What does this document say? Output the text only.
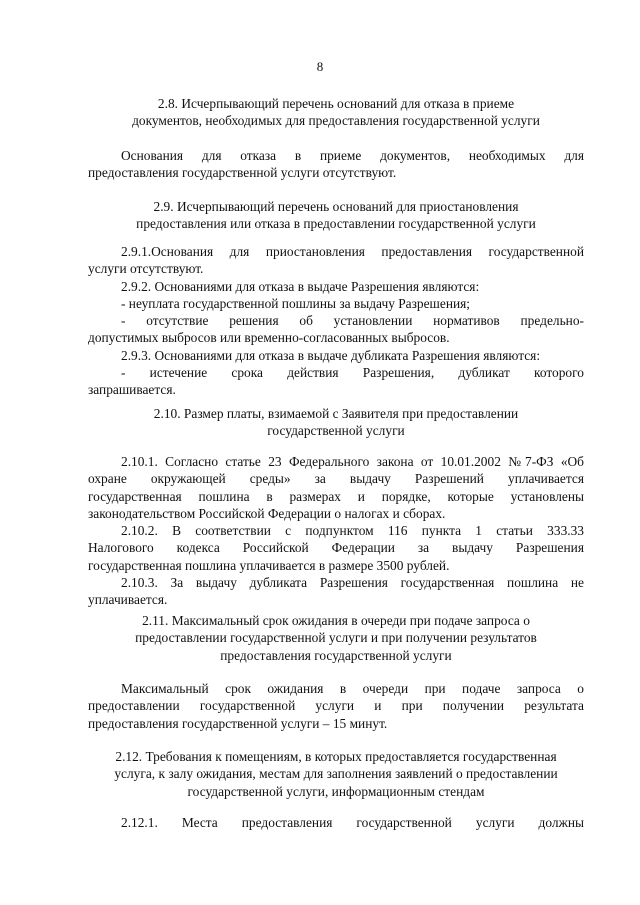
8
2.8. Исчерпывающий перечень оснований для отказа в приеме
документов, необходимых для предоставления государственной услуги
Основания для отказа в приеме документов, необходимых для
предоставления государственной услуги отсутствуют.
2.9. Исчерпывающий перечень оснований для приостановления
предоставления или отказа в предоставлении государственной услуги
2.9.1.Основания для приостановления предоставления государственной
услуги отсутствуют.
2.9.2. Основаниями для отказа в выдаче Разрешения являются:
- неуплата государственной пошлины за выдачу Разрешения;
- отсутствие решения об установлении нормативов предельно-
допустимых выбросов или временно-согласованных выбросов.
2.9.3. Основаниями для отказа в выдаче дубликата Разрешения являются:
- истечение срока действия Разрешения, дубликат которого
запрашивается.
2.10. Размер платы, взимаемой с Заявителя при предоставлении
государственной услуги
2.10.1. Согласно статье 23 Федерального закона от 10.01.2002 №7-ФЗ «Об
охране окружающей среды» за выдачу Разрешений уплачивается
государственная пошлина в размерах и порядке, которые установлены
законодательством Российской Федерации о налогах и сборах.
2.10.2. В соответствии с подпунктом 116 пункта 1 статьи 333.33
Налогового кодекса Российской Федерации за выдачу Разрешения
государственная пошлина уплачивается в размере 3500 рублей.
2.10.3. За выдачу дубликата Разрешения государственная пошлина не
уплачивается.
2.11. Максимальный срок ожидания в очереди при подаче запроса о
предоставлении государственной услуги и при получении результатов
предоставления государственной услуги
Максимальный срок ожидания в очереди при подаче запроса о
предоставлении государственной услуги и при получении результата
предоставления государственной услуги – 15 минут.
2.12. Требования к помещениям, в которых предоставляется государственная
услуга, к залу ожидания, местам для заполнения заявлений о предоставлении
государственной услуги, информационным стендам
2.12.1. Места предоставления государственной услуги должны
